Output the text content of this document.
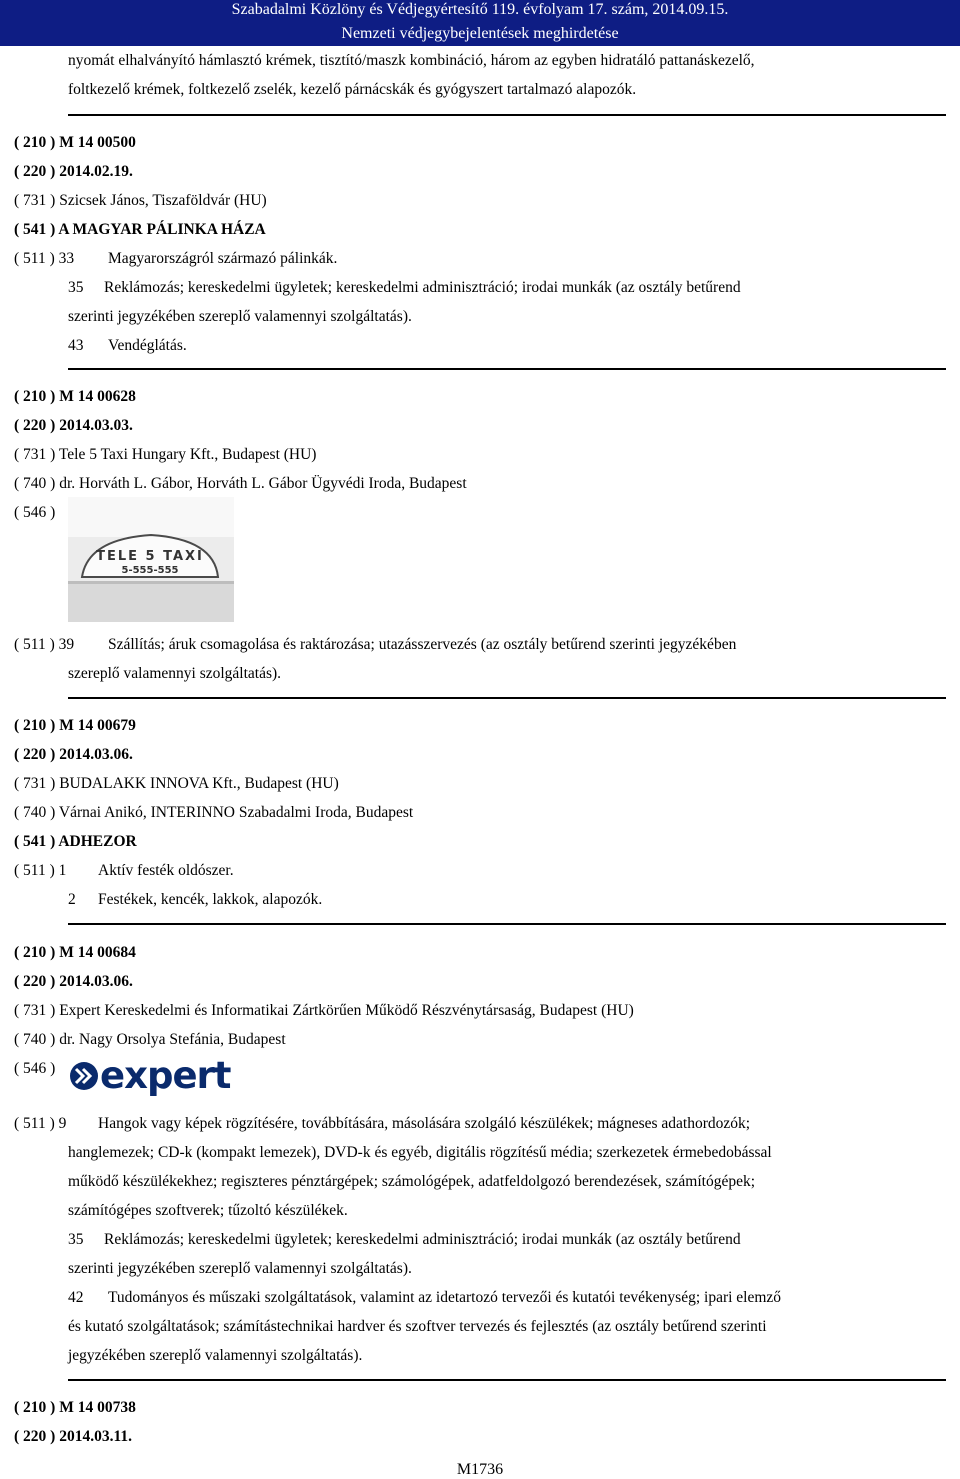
Szabadalmi Közlöny és Védjegyértesítő 119. évfolyam 17. szám, 2014.09.15.
Nemzeti védjegybejelentések meghirdetése
nyomát elhalványító hámlasztó krémek, tisztító/maszk kombináció, három az egyben hidratáló pattanáskezelő,
foltkezelő krémek, foltkezelő zselék, kezelő párnácskák és gyógyszert tartalmazó alapozók.
( 210 ) M 14 00500
( 220 ) 2014.02.19.
( 731 ) Szicsek János, Tiszaföldvár (HU)
( 541 ) A MAGYAR PÁLINKA HÁZA
( 511 ) 33 Magyarországról származó pálinkák.
35 Reklámozás; kereskedelmi ügyletek; kereskedelmi adminisztráció; irodai munkák (az osztály betűrend
szerinti jegyzékében szereplő valamennyi szolgáltatás).
43 Vendéglátás.
( 210 ) M 14 00628
( 220 ) 2014.03.03.
( 731 ) Tele 5 Taxi Hungary Kft., Budapest (HU)
( 740 ) dr. Horváth L. Gábor, Horváth L. Gábor Ügyvédi Iroda, Budapest
( 546 )
TELE 5 TAXI
5-555-555
( 511 ) 39 Szállítás; áruk csomagolása és raktározása; utazásszervezés (az osztály betűrend szerinti jegyzékében
szereplő valamennyi szolgáltatás).
( 210 ) M 14 00679
( 220 ) 2014.03.06.
( 731 ) BUDALAKK INNOVA Kft., Budapest (HU)
( 740 ) Várnai Anikó, INTERINNO Szabadalmi Iroda, Budapest
( 541 ) ADHEZOR
( 511 ) 1 Aktív festék oldószer.
2 Festékek, kencék, lakkok, alapozók.
( 210 ) M 14 00684
( 220 ) 2014.03.06.
( 731 ) Expert Kereskedelmi és Informatikai Zártkörűen Működő Részvénytársaság, Budapest (HU)
( 740 ) dr. Nagy Orsolya Stefánia, Budapest
( 546 ) expert
( 511 ) 9 Hangok vagy képek rögzítésére, továbbítására, másolására szolgáló készülékek; mágneses adathordozók;
hanglemezek; CD-k (kompakt lemezek), DVD-k és egyéb, digitális rögzítésű média; szerkezetek érmebedobással
működő készülékekhez; regiszteres pénztárgépek; számológépek, adatfeldolgozó berendezések, számítógépek;
számítógépes szoftverek; tűzoltó készülékek.
35 Reklámozás; kereskedelmi ügyletek; kereskedelmi adminisztráció; irodai munkák (az osztály betűrend
szerinti jegyzékében szereplő valamennyi szolgáltatás).
42 Tudományos és műszaki szolgáltatások, valamint az idetartozó tervezői és kutatói tevékenység; ipari elemző
és kutató szolgáltatások; számítástechnikai hardver és szoftver tervezés és fejlesztés (az osztály betűrend szerinti
jegyzékében szereplő valamennyi szolgáltatás).
( 210 ) M 14 00738
( 220 ) 2014.03.11.
M1736
